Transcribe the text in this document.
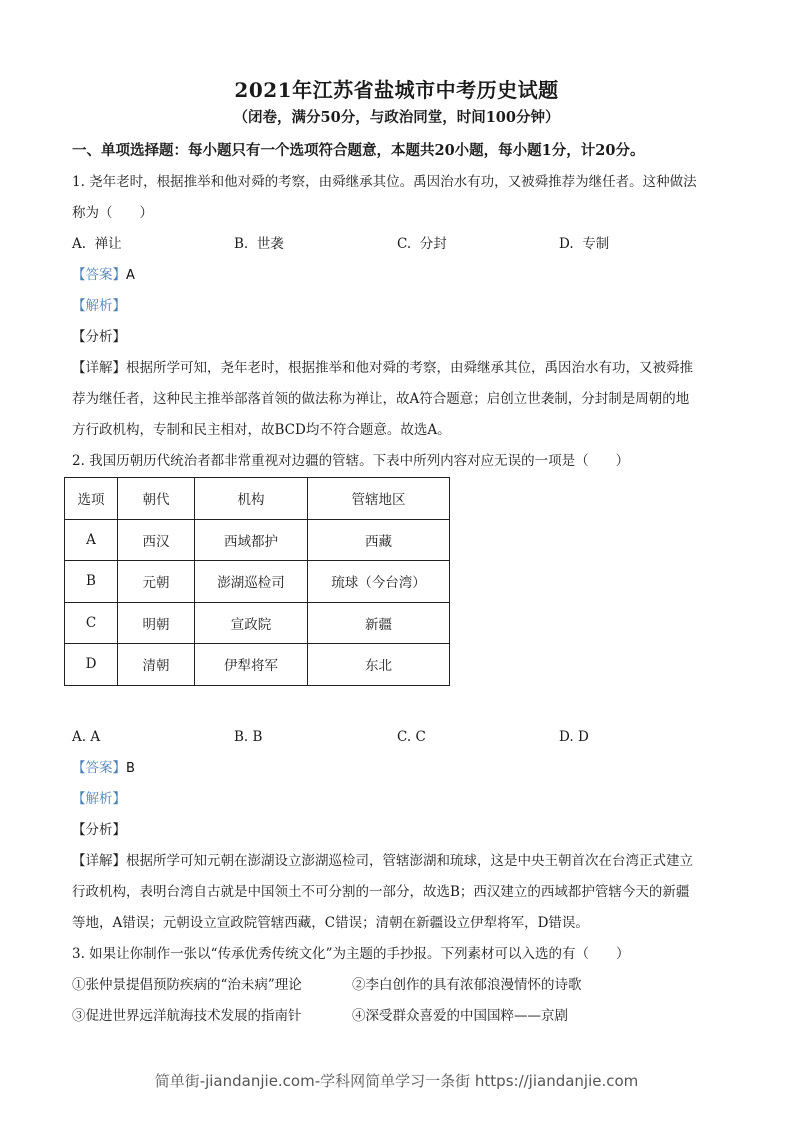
2021年江苏省盐城市中考历史试题
（闭卷，满分50分，与政治同堂，时间100分钟）
一、单项选择题：每小题只有一个选项符合题意，本题共20小题，每小题1分，计20分。
1. 尧年老时，根据推举和他对舜的考察，由舜继承其位。禹因治水有功，又被舜推荐为继任者。这种做法
称为（　　）
A. 禅让	B. 世袭	C. 分封	D. 专制
【答案】A
【解析】
【分析】
【详解】根据所学可知，尧年老时，根据推举和他对舜的考察，由舜继承其位，禹因治水有功，又被舜推
荐为继任者，这种民主推举部落首领的做法称为禅让，故A符合题意；启创立世袭制，分封制是周朝的地
方行政机构，专制和民主相对，故BCD均不符合题意。故选A。
2. 我国历朝历代统治者都非常重视对边疆的管辖。下表中所列内容对应无误的一项是（　　）
选项	朝代	机构	管辖地区
A	西汉	西域都护	西藏
B	元朝	澎湖巡检司	琉球（今台湾）
C	明朝	宣政院	新疆
D	清朝	伊犁将军	东北
A. A	B. B	C. C	D. D
【答案】B
【解析】
【分析】
【详解】根据所学可知元朝在澎湖设立澎湖巡检司，管辖澎湖和琉球，这是中央王朝首次在台湾正式建立
行政机构，表明台湾自古就是中国领土不可分割的一部分，故选B；西汉建立的西域都护管辖今天的新疆
等地，A错误；元朝设立宣政院管辖西藏，C错误；清朝在新疆设立伊犁将军，D错误。
3. 如果让你制作一张以“传承优秀传统文化”为主题的手抄报。下列素材可以入选的有（　　）
①张仲景提倡预防疾病的“治未病”理论	②李白创作的具有浓郁浪漫情怀的诗歌
③促进世界远洋航海技术发展的指南针	④深受群众喜爱的中国国粹——京剧
简单街-jiandanjie.com-学科网简单学习一条街 https://jiandanjie.com
